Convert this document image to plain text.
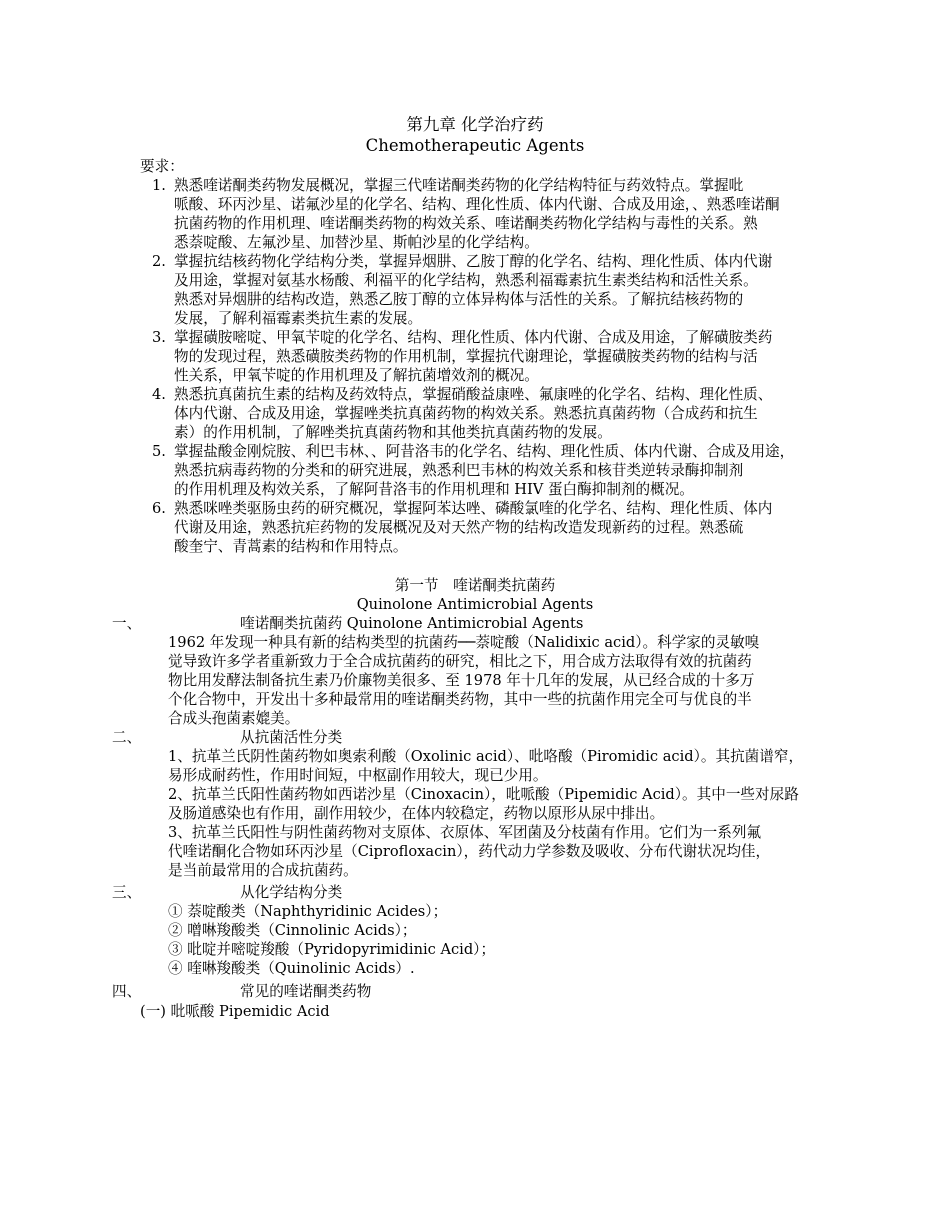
第九章 化学治疗药
Chemotherapeutic Agents
要求：
1. 熟悉喹诺酮类药物发展概况，掌握三代喹诺酮类药物的化学结构特征与药效特点。掌握吡
哌酸、环丙沙星、诺氟沙星的化学名、结构、理化性质、体内代谢、合成及用途，、熟悉喹诺酮
抗菌药物的作用机理、喹诺酮类药物的构效关系、喹诺酮类药物化学结构与毒性的关系。熟
悉萘啶酸、左氟沙星、加替沙星、斯帕沙星的化学结构。
2. 掌握抗结核药物化学结构分类，掌握异烟肼、乙胺丁醇的化学名、结构、理化性质、体内代谢
及用途，掌握对氨基水杨酸、利福平的化学结构，熟悉利福霉素抗生素类结构和活性关系。
熟悉对异烟肼的结构改造，熟悉乙胺丁醇的立体异构体与活性的关系。了解抗结核药物的
发展，了解利福霉素类抗生素的发展。
3. 掌握磺胺嘧啶、甲氧苄啶的化学名、结构、理化性质、体内代谢、合成及用途，了解磺胺类药
物的发现过程，熟悉磺胺类药物的作用机制，掌握抗代谢理论，掌握磺胺类药物的结构与活
性关系，甲氧苄啶的作用机理及了解抗菌增效剂的概况。
4. 熟悉抗真菌抗生素的结构及药效特点，掌握硝酸益康唑、氟康唑的化学名、结构、理化性质、
体内代谢、合成及用途，掌握唑类抗真菌药物的构效关系。熟悉抗真菌药物（合成药和抗生
素）的作用机制，了解唑类抗真菌药物和其他类抗真菌药物的发展。
5. 掌握盐酸金刚烷胺、利巴韦林、、阿昔洛韦的化学名、结构、理化性质、体内代谢、合成及用途，
熟悉抗病毒药物的分类和的研究进展，熟悉利巴韦林的构效关系和核苷类逆转录酶抑制剂
的作用机理及构效关系，了解阿昔洛韦的作用机理和 HIV 蛋白酶抑制剂的概况。
6. 熟悉咪唑类驱肠虫药的研究概况，掌握阿苯达唑、磷酸氯喹的化学名、结构、理化性质、体内
代谢及用途，熟悉抗疟药物的发展概况及对天然产物的结构改造发现新药的过程。熟悉硫
酸奎宁、青蒿素的结构和作用特点。
第一节　喹诺酮类抗菌药
Quinolone Antimicrobial Agents
一、	喹诺酮类抗菌药 Quinolone Antimicrobial Agents
1962 年发现一种具有新的结构类型的抗菌药──萘啶酸（Nalidixic acid）。科学家的灵敏嗅
觉导致许多学者重新致力于全合成抗菌药的研究，相比之下，用合成方法取得有效的抗菌药
物比用发酵法制备抗生素乃价廉物美很多、至 1978 年十几年的发展，从已经合成的十多万
个化合物中，开发出十多种最常用的喹诺酮类药物，其中一些的抗菌作用完全可与优良的半
合成头孢菌素媲美。
二、	从抗菌活性分类
1、抗革兰氏阴性菌药物如奥索利酸（Oxolinic acid）、吡咯酸（Piromidic acid）。其抗菌谱窄，
易形成耐药性，作用时间短，中枢副作用较大，现已少用。
2、抗革兰氏阳性菌药物如西诺沙星（Cinoxacin），吡哌酸（Pipemidic Acid）。其中一些对尿路
及肠道感染也有作用，副作用较少，在体内较稳定，药物以原形从尿中排出。
3、抗革兰氏阳性与阴性菌药物对支原体、衣原体、军团菌及分枝菌有作用。它们为一系列氟
代喹诺酮化合物如环丙沙星（Ciprofloxacin），药代动力学参数及吸收、分布代谢状况均佳，
是当前最常用的合成抗菌药。
三、	从化学结构分类
① 萘啶酸类（Naphthyridinic Acides）；
② 噌啉羧酸类（Cinnolinic Acids）；
③ 吡啶并嘧啶羧酸（Pyridopyrimidinic Acid）；
④ 喹啉羧酸类（Quinolinic Acids）.
四、	常见的喹诺酮类药物
(一) 吡哌酸 Pipemidic Acid
